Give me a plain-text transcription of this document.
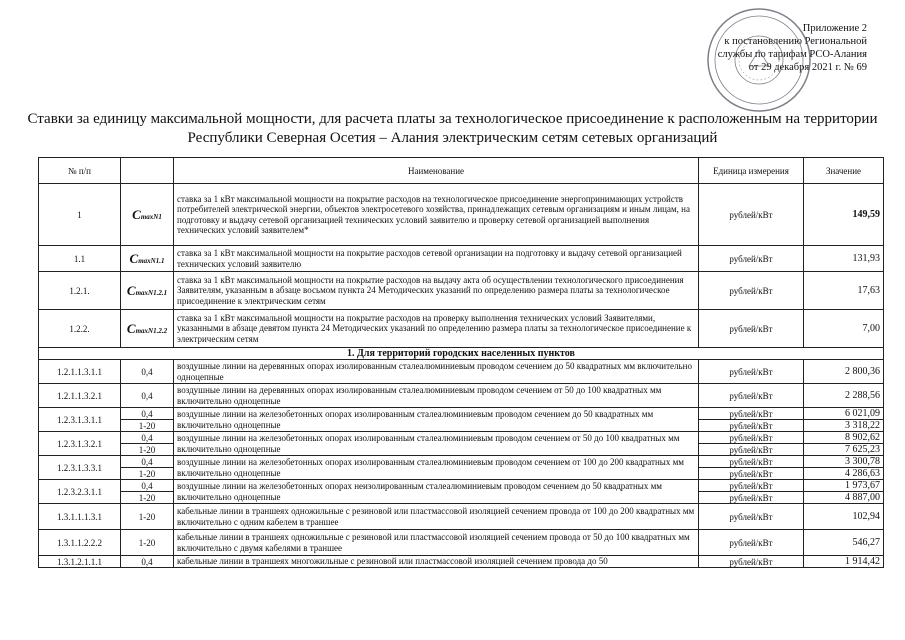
Приложение 2
к постановлению Региональной
службы по тарифам РСО-Алания
от 29 декабря 2021 г. № 69
Ставки за единицу максимальной мощности, для расчета платы за технологическое присоединение к расположенным на территории
Республики Северная Осетия – Алания электрическим сетям сетевых организаций
№ п/п		Наименование	Единица измерения	Значение
1	CmaxN1	ставка за 1 кВт максимальной мощности на покрытие расходов на технологическое присоединение энергопринимающих устройств потребителей электрической энергии, объектов электросетевого хозяйства, принадлежащих сетевым организациям и иным лицам, на подготовку и выдачу сетевой организацией технических условий заявителю и проверку сетевой организацией выполнения технических условий заявителем*	рублей/кВт	149,59
1.1	CmaxN1.1	ставка за 1 кВт максимальной мощности на покрытие расходов сетевой организации на подготовку и выдачу сетевой организацией технических условий заявителю	рублей/кВт	131,93
1.2.1.	CmaxN1.2.1	ставка за 1 кВт максимальной мощности на покрытие расходов на выдачу акта об осуществлении технологического присоединения Заявителям, указанным в абзаце восьмом пункта 24 Методических указаний по определению размера платы за технологическое присоединение к электрическим сетям	рублей/кВт	17,63
1.2.2.	CmaxN1.2.2	ставка за 1 кВт максимальной мощности на покрытие расходов на проверку выполнения технических условий Заявителями, указанными в абзаце девятом пункта 24 Методических указаний по определению размера платы за технологическое присоединение к электрическим сетям	рублей/кВт	7,00
1. Для территорий городских населенных пунктов				
1.2.1.1.3.1.1	0,4	воздушные линии на деревянных опорах изолированным сталеалюминиевым проводом сечением до 50 квадратных мм включительно одноцепные	рублей/кВт	2 800,36
1.2.1.1.3.2.1	0,4	воздушные линии на деревянных опорах изолированным сталеалюминиевым проводом сечением от 50 до 100 квадратных мм включительно одноцепные	рублей/кВт	2 288,56
1.2.3.1.3.1.1	0,4	воздушные линии на железобетонных опорах изолированным сталеалюминиевым проводом сечением до 50 квадратных мм включительно одноцепные	рублей/кВт	6 021,09
	1-20		рублей/кВт	3 318,22
1.2.3.1.3.2.1	0,4	воздушные линии на железобетонных опорах изолированным сталеалюминиевым проводом сечением от 50 до 100 квадратных мм включительно одноцепные	рублей/кВт	8 902,62
	1-20		рублей/кВт	7 625,23
1.2.3.1.3.3.1	0,4	воздушные линии на железобетонных опорах изолированным сталеалюминиевым проводом сечением от 100 до 200 квадратных мм включительно одноцепные	рублей/кВт	3 300,78
	1-20		рублей/кВт	4 286,63
1.2.3.2.3.1.1	0,4	воздушные линии на железобетонных опорах неизолированным сталеалюминиевым проводом сечением до 50 квадратных мм включительно одноцепные	рублей/кВт	1 973,67
	1-20		рублей/кВт	4 887,00
1.3.1.1.1.3.1	1-20	кабельные линии в траншеях одножильные с резиновой или пластмассовой изоляцией сечением провода от 100 до 200 квадратных мм включительно с одним кабелем в траншее	рублей/кВт	102,94
1.3.1.1.2.2.2	1-20	кабельные линии в траншеях одножильные с резиновой или пластмассовой изоляцией сечением провода от 50 до 100 квадратных мм включительно с двумя кабелями в траншее	рублей/кВт	546,27
1.3.1.2.1.1.1	0,4	кабельные линии в траншеях многожильные с резиновой или пластмассовой изоляцией сечением провода до 50	рублей/кВт	1 914,42
